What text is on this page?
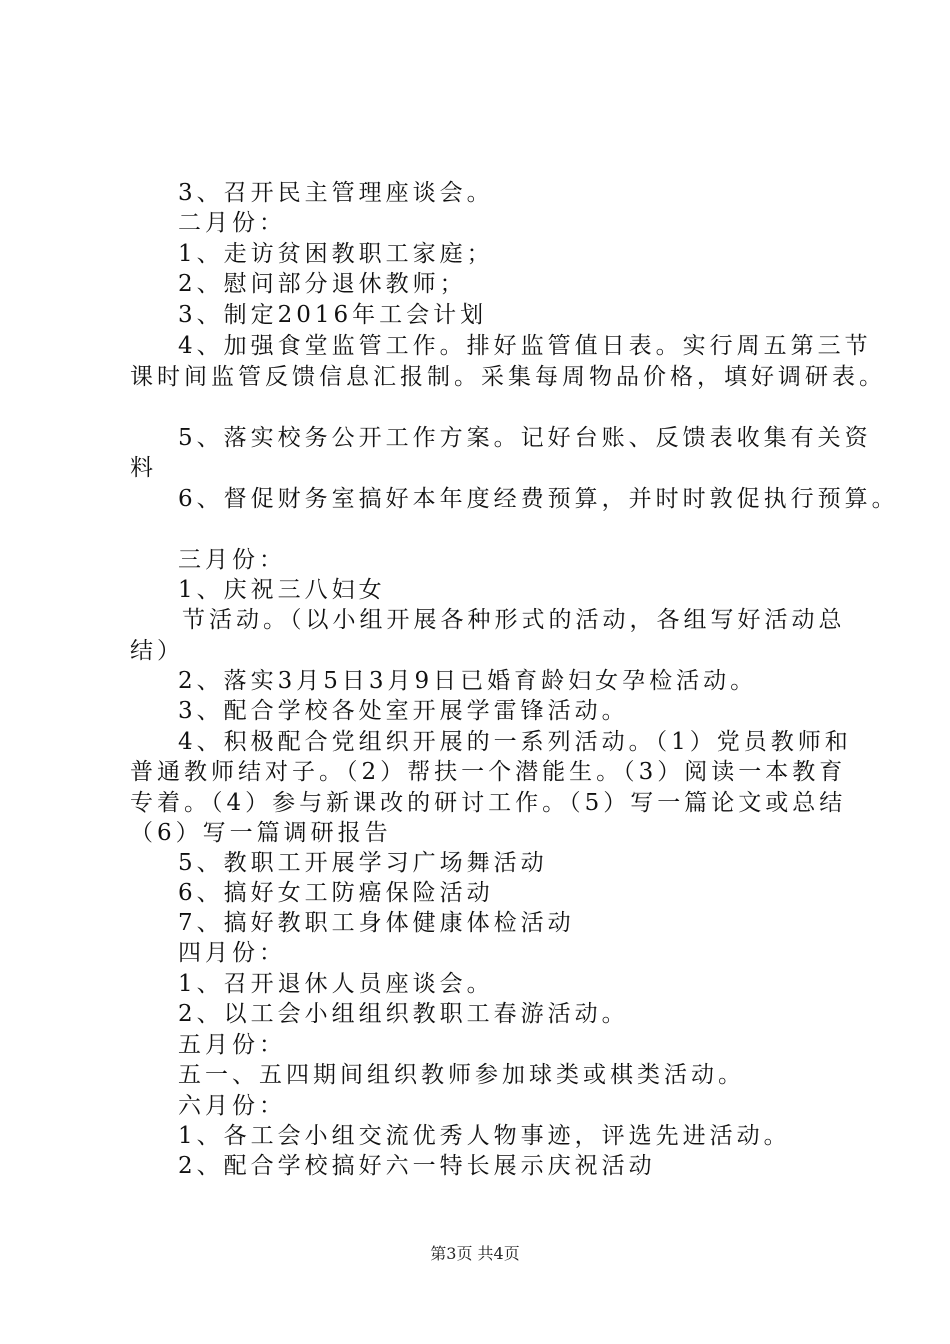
3、召开民主管理座谈会。
二月份：
1、走访贫困教职工家庭；
2、慰问部分退休教师；
3、制定2016年工会计划
4、加强食堂监管工作。排好监管值日表。实行周五第三节
课时间监管反馈信息汇报制。采集每周物品价格，填好调研表。
5、落实校务公开工作方案。记好台账、反馈表收集有关资
料
6、督促财务室搞好本年度经费预算，并时时敦促执行预算。
三月份：
1、庆祝三八妇女
节活动。（以小组开展各种形式的活动，各组写好活动总
结）
2、落实3月5日3月9日已婚育龄妇女孕检活动。
3、配合学校各处室开展学雷锋活动。
4、积极配合党组织开展的一系列活动。（1）党员教师和
普通教师结对子。（2）帮扶一个潜能生。（3）阅读一本教育
专着。（4）参与新课改的研讨工作。（5）写一篇论文或总结
（6）写一篇调研报告
5、教职工开展学习广场舞活动
6、搞好女工防癌保险活动
7、搞好教职工身体健康体检活动
四月份：
1、召开退休人员座谈会。
2、以工会小组组织教职工春游活动。
五月份：
五一、五四期间组织教师参加球类或棋类活动。
六月份：
1、各工会小组交流优秀人物事迹，评选先进活动。
2、配合学校搞好六一特长展示庆祝活动
第3页 共4页
